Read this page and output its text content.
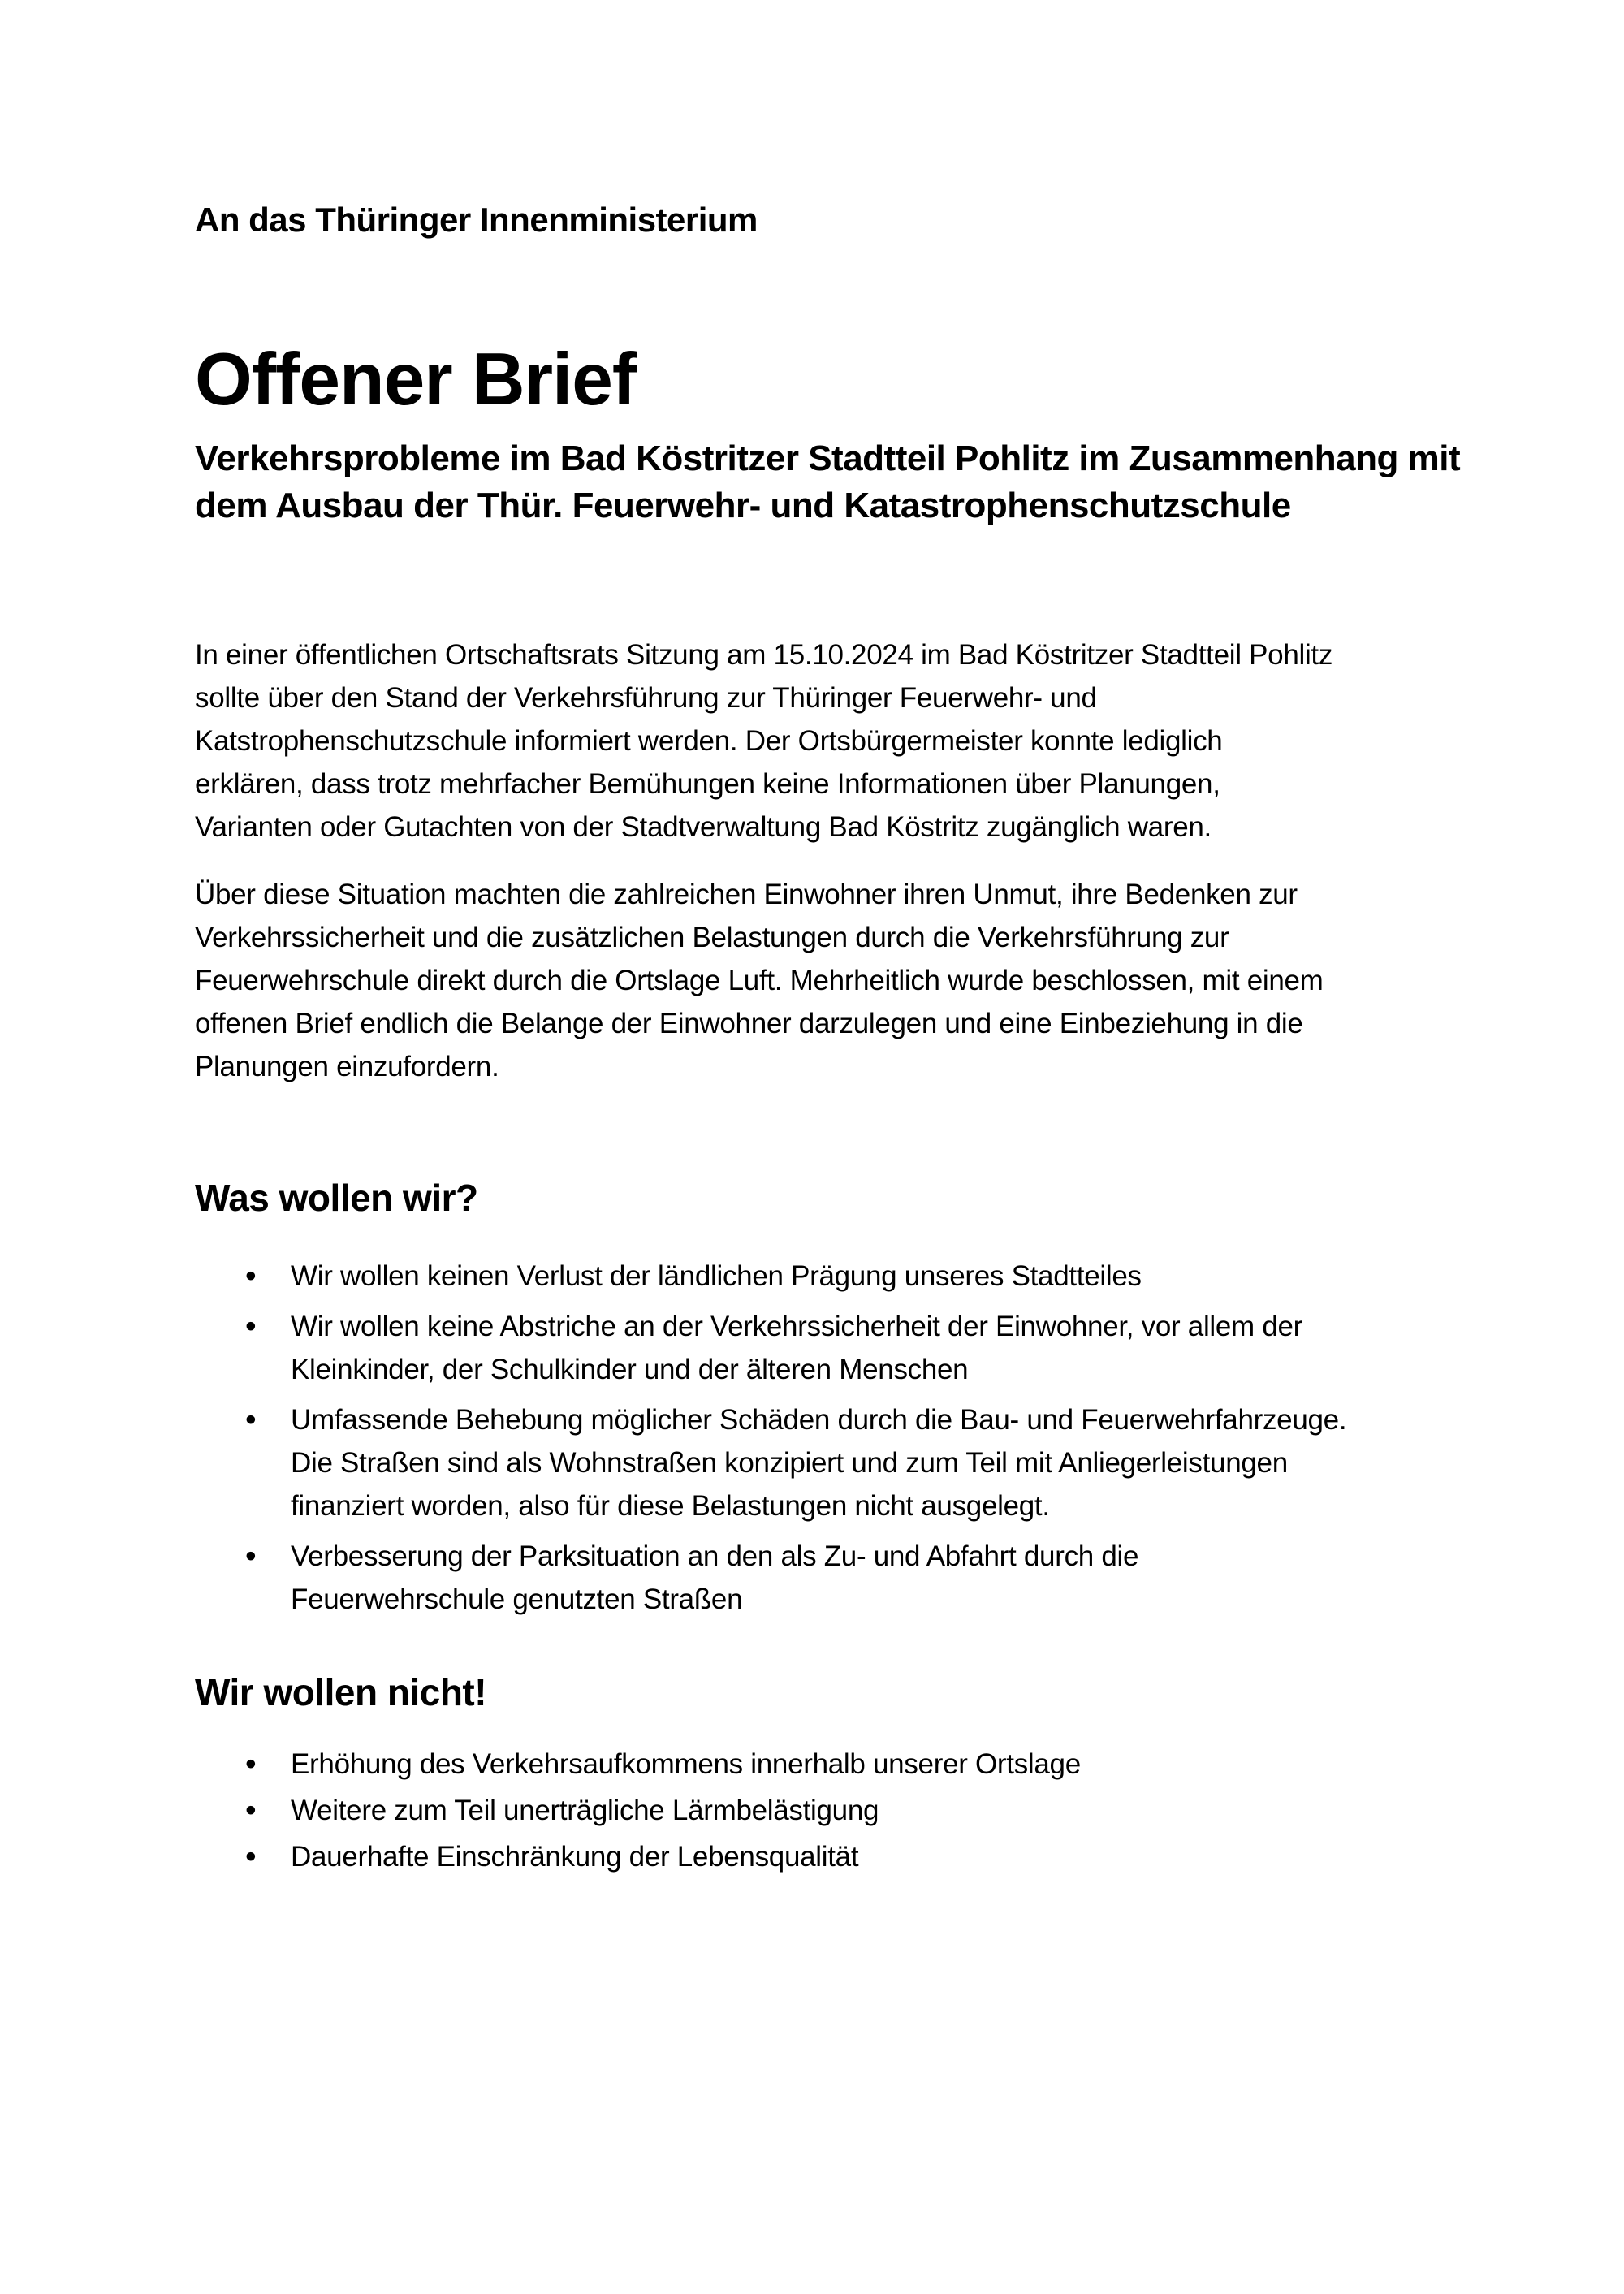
An das Thüringer Innenministerium
Offener Brief
Verkehrsprobleme im Bad Köstritzer Stadtteil Pohlitz im Zusammenhang mit
dem Ausbau der Thür. Feuerwehr- und Katastrophenschutzschule
In einer öffentlichen Ortschaftsrats Sitzung am 15.10.2024 im Bad Köstritzer Stadtteil Pohlitz
sollte über den Stand der Verkehrsführung zur Thüringer Feuerwehr- und
Katstrophenschutzschule informiert werden. Der Ortsbürgermeister konnte lediglich
erklären, dass trotz mehrfacher Bemühungen keine Informationen über Planungen,
Varianten oder Gutachten von der Stadtverwaltung Bad Köstritz zugänglich waren.
Über diese Situation machten die zahlreichen Einwohner ihren Unmut, ihre Bedenken zur
Verkehrssicherheit und die zusätzlichen Belastungen durch die Verkehrsführung zur
Feuerwehrschule direkt durch die Ortslage Luft. Mehrheitlich wurde beschlossen, mit einem
offenen Brief endlich die Belange der Einwohner darzulegen und eine Einbeziehung in die
Planungen einzufordern.
Was wollen wir?
•	Wir wollen keinen Verlust der ländlichen Prägung unseres Stadtteiles
•	Wir wollen keine Abstriche an der Verkehrssicherheit der Einwohner, vor allem der
Kleinkinder, der Schulkinder und der älteren Menschen
•	Umfassende Behebung möglicher Schäden durch die Bau- und Feuerwehrfahrzeuge.
Die Straßen sind als Wohnstraßen konzipiert und zum Teil mit Anliegerleistungen
finanziert worden, also für diese Belastungen nicht ausgelegt.
•	Verbesserung der Parksituation an den als Zu- und Abfahrt durch die
Feuerwehrschule genutzten Straßen
Wir wollen nicht!
•	Erhöhung des Verkehrsaufkommens innerhalb unserer Ortslage
•	Weitere zum Teil unerträgliche Lärmbelästigung
•	Dauerhafte Einschränkung der Lebensqualität
